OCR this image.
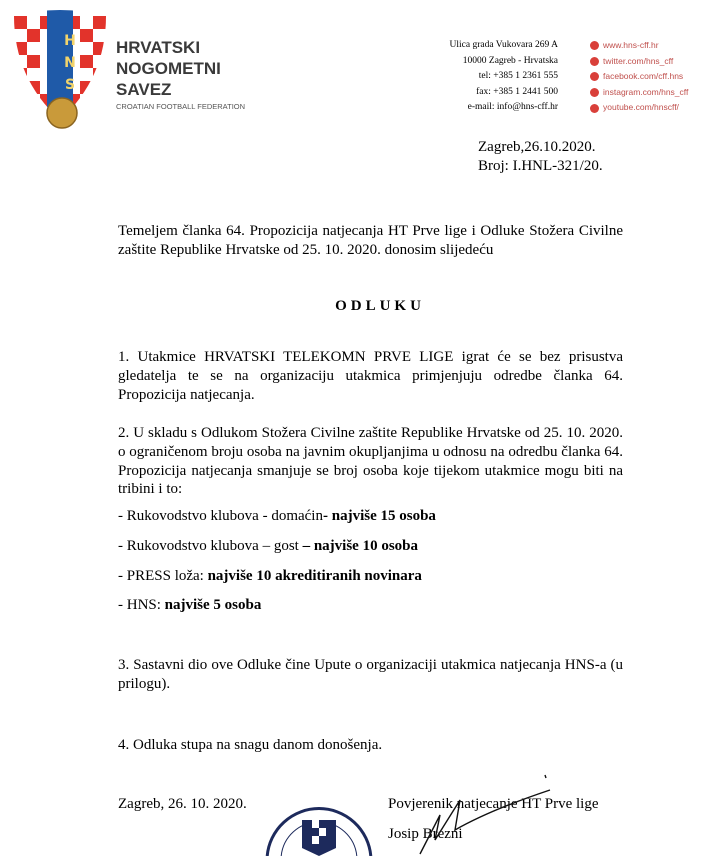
HNS
HRVATSKI
NOGOMETNI
SAVEZ
CROATIAN FOOTBALL FEDERATION
Ulica grada Vukovara 269 A
10000 Zagreb - Hrvatska
tel: +385 1 2361 555
fax: +385 1 2441 500
e-mail: info@hns-cff.hr
www.hns-cff.hr
twitter.com/hns_cff
facebook.com/cff.hns
instagram.com/hns_cff
youtube.com/hnscff/
Zagreb,26.10.2020.
Broj: I.HNL-321/20.
Temeljem članka 64. Propozicija natjecanja HT Prve lige i Odluke Stožera Civilne zaštite Republike Hrvatske od 25. 10. 2020. donosim slijedeću
ODLUKU
1. Utakmice HRVATSKI TELEKOMN PRVE LIGE igrat će se bez prisustva gledatelja te se na organizaciju utakmica primjenjuju odredbe članka 64. Propozicija natjecanja.
2. U skladu s Odlukom Stožera Civilne zaštite Republike Hrvatske od 25. 10. 2020. o ograničenom broju osoba na javnim okupljanjima u odnosu na odredbu članka 64. Propozicija natjecanja smanjuje se broj osoba koje tijekom utakmice mogu biti na tribini i to:
- Rukovodstvo klubova - domaćin- najviše 15 osoba
- Rukovodstvo klubova – gost – najviše 10 osoba
- PRESS loža: najviše 10 akreditiranih novinara
- HNS: najviše 5 osoba
3. Sastavni dio ove Odluke čine Upute o organizaciji utakmica natjecanja HNS-a (u prilogu).
4. Odluka stupa na snagu danom donošenja.
Zagreb, 26. 10. 2020.	Povjerenik natjecanje HT Prve lige
Josip Brezni
